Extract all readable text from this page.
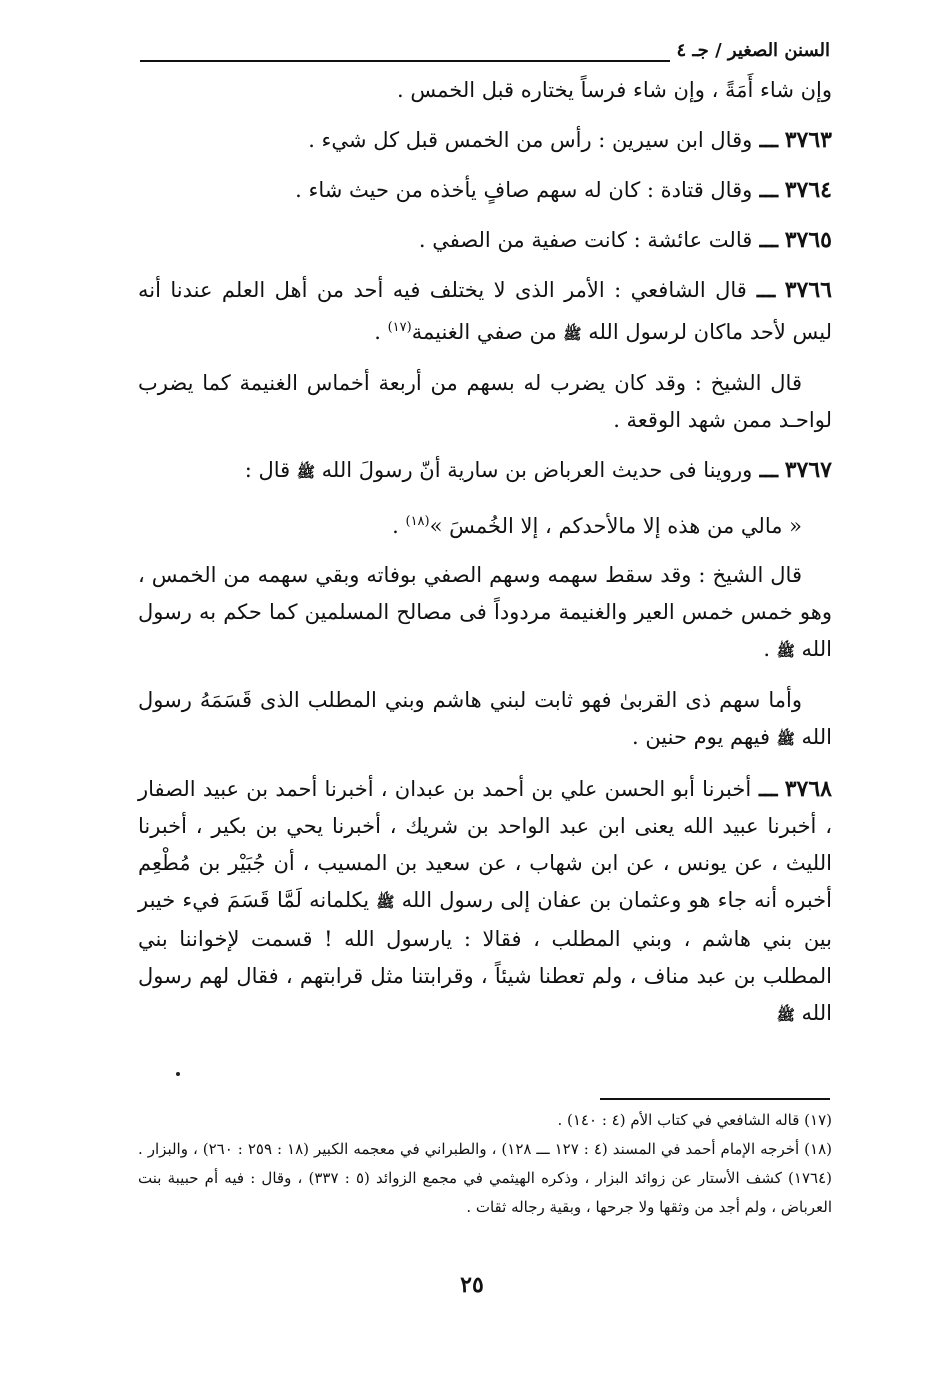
السنن الصغير / جـ ٤

وإن شاء أَمَةً ، وإن شاء فرساً يختاره قبل الخمس .

٣٧٦٣ ـــ وقال ابن سيرين : رأس من الخمس قبل كل شيء .

٣٧٦٤ ـــ وقال قتادة : كان له سهم صافٍ يأخذه من حيث شاء .

٣٧٦٥ ـــ قالت عائشة : كانت صفية من الصفي .

٣٧٦٦ ـــ قال الشافعي : الأمر الذى لا يختلف فيه أحد من أهل العلم عندنا أنه ليس لأحد ماكان لرسول الله ﷺ من صفي الغنيمة$^{(١٧)}$ .

قال الشيخ : وقد كان يضرب له بسهم من أربعة أخماس الغنيمة كما يضرب لواحـد ممن شهد الوقعة .

٣٧٦٧ ـــ وروينا فى حديث العرباض بن سارية أنّ رسولَ الله ﷺ قال :

« مالي من هذه إلا مالأحدكم ، إلا الخُمسَ »$^{(١٨)}$ .

قال الشيخ : وقد سقط سهمه وسهم الصفي بوفاته وبقي سهمه من الخمس ، وهو خمس خمس العير والغنيمة مردوداً فى مصالح المسلمين كما حكم به رسول الله ﷺ .

وأما سهم ذى القربىٰ فهو ثابت لبني هاشم وبني المطلب الذى قَسَمَهُ رسول الله ﷺ فيهم يوم حنين .

٣٧٦٨ ـــ أخبرنا أبو الحسن علي بن أحمد بن عبدان ، أخبرنا أحمد بن عبيد الصفار ، أخبرنا عبيد الله يعنى ابن عبد الواحد بن شريك ، أخبرنا يحي بن بكير ، أخبرنا الليث ، عن يونس ، عن ابن شهاب ، عن سعيد بن المسيب ، أن جُبَيْر بن مُطْعِم أخبره أنه جاء هو وعثمان بن عفان إلى رسول الله ﷺ يكلمانه لَمَّا قَسَمَ فيء خيبر بين بني هاشم ، وبني المطلب ، فقالا : يارسول الله ! قسمت لإخواننا بني المطلب بن عبد مناف ، ولم تعطنا شيئاً ، وقرابتنا مثل قرابتهم ، فقال لهم رسول الله ﷺ

(١٧) قاله الشافعي في كتاب الأم (٤ : ١٤٠) .

(١٨) أخرجه الإمام أحمد في المسند (٤ : ١٢٧ ـــ ١٢٨) ، والطبراني في معجمه الكبير (١٨ : ٢٥٩ : ٢٦٠) ، والبزار . (١٧٦٤) كشف الأستار عن زوائد البزار ، وذكره الهيثمي في مجمع الزوائد (٥ : ٣٣٧) ، وقال : فيه أم حبيبة بنت العرباض ، ولم أجد من وثقها ولا جرحها ، وبقية رجاله ثقات .

٢٥
